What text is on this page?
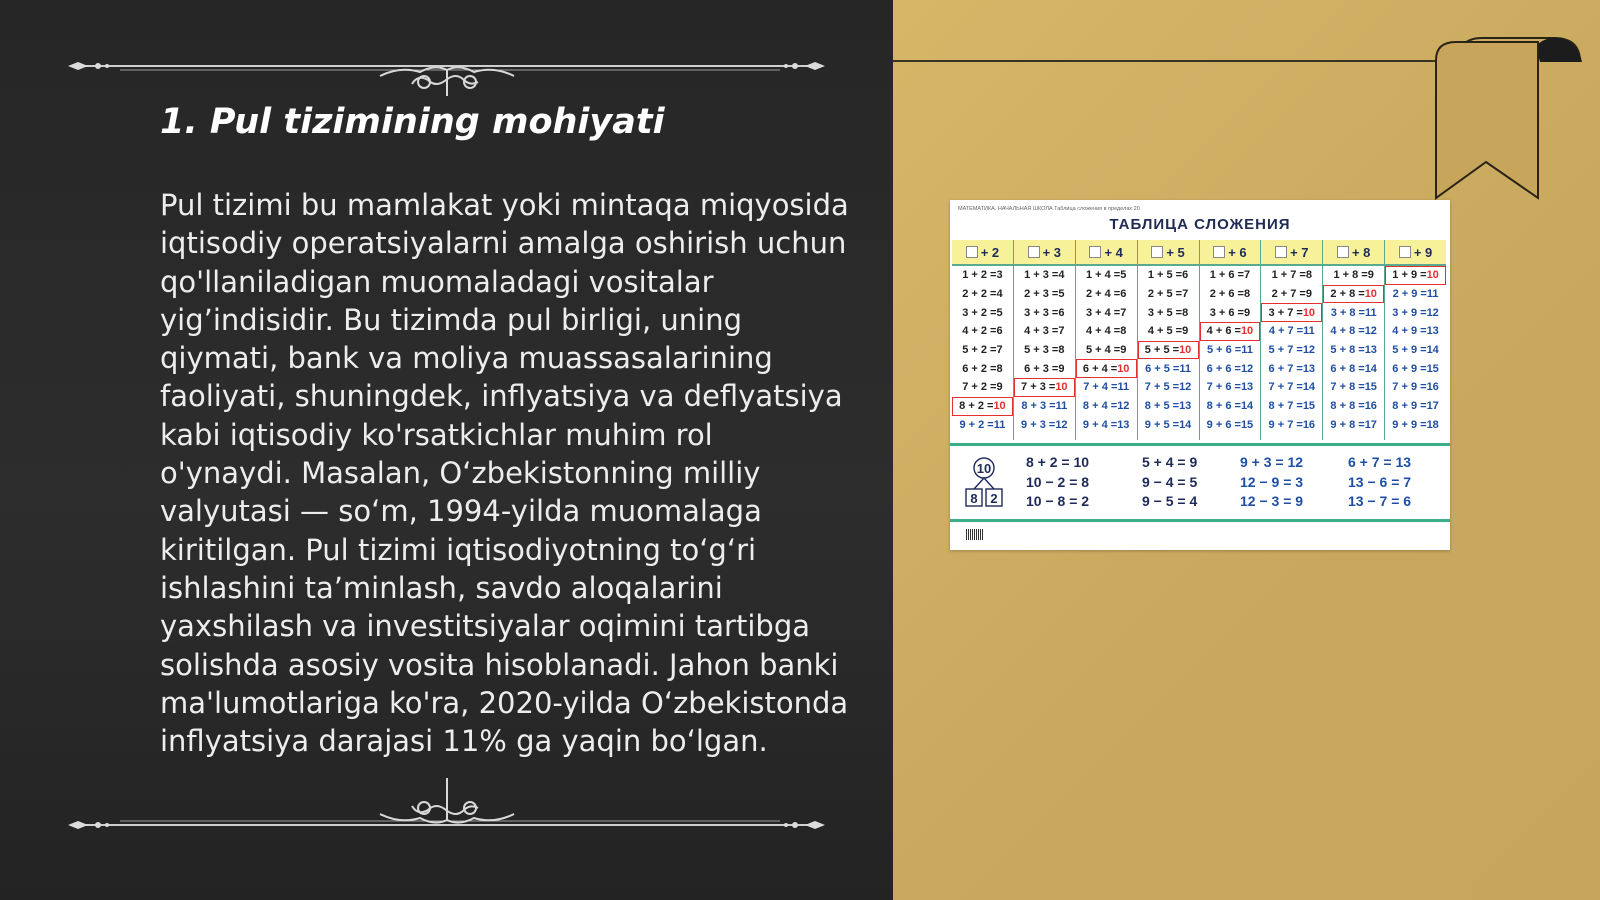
1. Pul tizimining mohiyati

Pul tizimi bu mamlakat yoki mintaqa miqyosida iqtisodiy operatsiyalarni amalga oshirish uchun qo'llaniladigan muomaladagi vositalar yig’indisidir. Bu tizimda pul birligi, uning qiymati, bank va moliya muassasalarining faoliyati, shuningdek, inflyatsiya va deflyatsiya kabi iqtisodiy ko'rsatkichlar muhim rol o'ynaydi. Masalan, O‘zbekistonning milliy valyutasi — so‘m, 1994-yilda muomalaga kiritilgan. Pul tizimi iqtisodiyotning to‘g‘ri ishlashini ta’minlash, savdo aloqalarini yaxshilash va investitsiyalar oqimini tartibga solishda asosiy vosita hisoblanadi. Jahon banki ma'lumotlariga ko'ra, 2020-yilda O‘zbekistonda inflyatsiya darajasi 11% ga yaqin bo‘lgan.

МАТЕМАТИКА. НАЧАЛЬНАЯ ШКОЛА Таблица сложения в пределах 20
ТАБЛИЦА СЛОЖЕНИЯ
+ 2
1 + 2 = 3
2 + 2 = 4
3 + 2 = 5
4 + 2 = 6
5 + 2 = 7
6 + 2 = 8
7 + 2 = 9
8 + 2 = 10
9 + 2 = 11
+ 3
1 + 3 = 4
2 + 3 = 5
3 + 3 = 6
4 + 3 = 7
5 + 3 = 8
6 + 3 = 9
7 + 3 = 10
8 + 3 = 11
9 + 3 = 12
+ 4
1 + 4 = 5
2 + 4 = 6
3 + 4 = 7
4 + 4 = 8
5 + 4 = 9
6 + 4 = 10
7 + 4 = 11
8 + 4 = 12
9 + 4 = 13
+ 5
1 + 5 = 6
2 + 5 = 7
3 + 5 = 8
4 + 5 = 9
5 + 5 = 10
6 + 5 = 11
7 + 5 = 12
8 + 5 = 13
9 + 5 = 14
+ 6
1 + 6 = 7
2 + 6 = 8
3 + 6 = 9
4 + 6 = 10
5 + 6 = 11
6 + 6 = 12
7 + 6 = 13
8 + 6 = 14
9 + 6 = 15
+ 7
1 + 7 = 8
2 + 7 = 9
3 + 7 = 10
4 + 7 = 11
5 + 7 = 12
6 + 7 = 13
7 + 7 = 14
8 + 7 = 15
9 + 7 = 16
+ 8
1 + 8 = 9
2 + 8 = 10
3 + 8 = 11
4 + 8 = 12
5 + 8 = 13
6 + 8 = 14
7 + 8 = 15
8 + 8 = 16
9 + 8 = 17
+ 9
1 + 9 = 10
2 + 9 = 11
3 + 9 = 12
4 + 9 = 13
5 + 9 = 14
6 + 9 = 15
7 + 9 = 16
8 + 9 = 17
9 + 9 = 18
10
8 2
8 + 2 = 10
10 − 2 = 8
10 − 8 = 2
5 + 4 = 9
9 − 4 = 5
9 − 5 = 4
9 + 3 = 12
12 − 9 = 3
12 − 3 = 9
6 + 7 = 13
13 − 6 = 7
13 − 7 = 6
